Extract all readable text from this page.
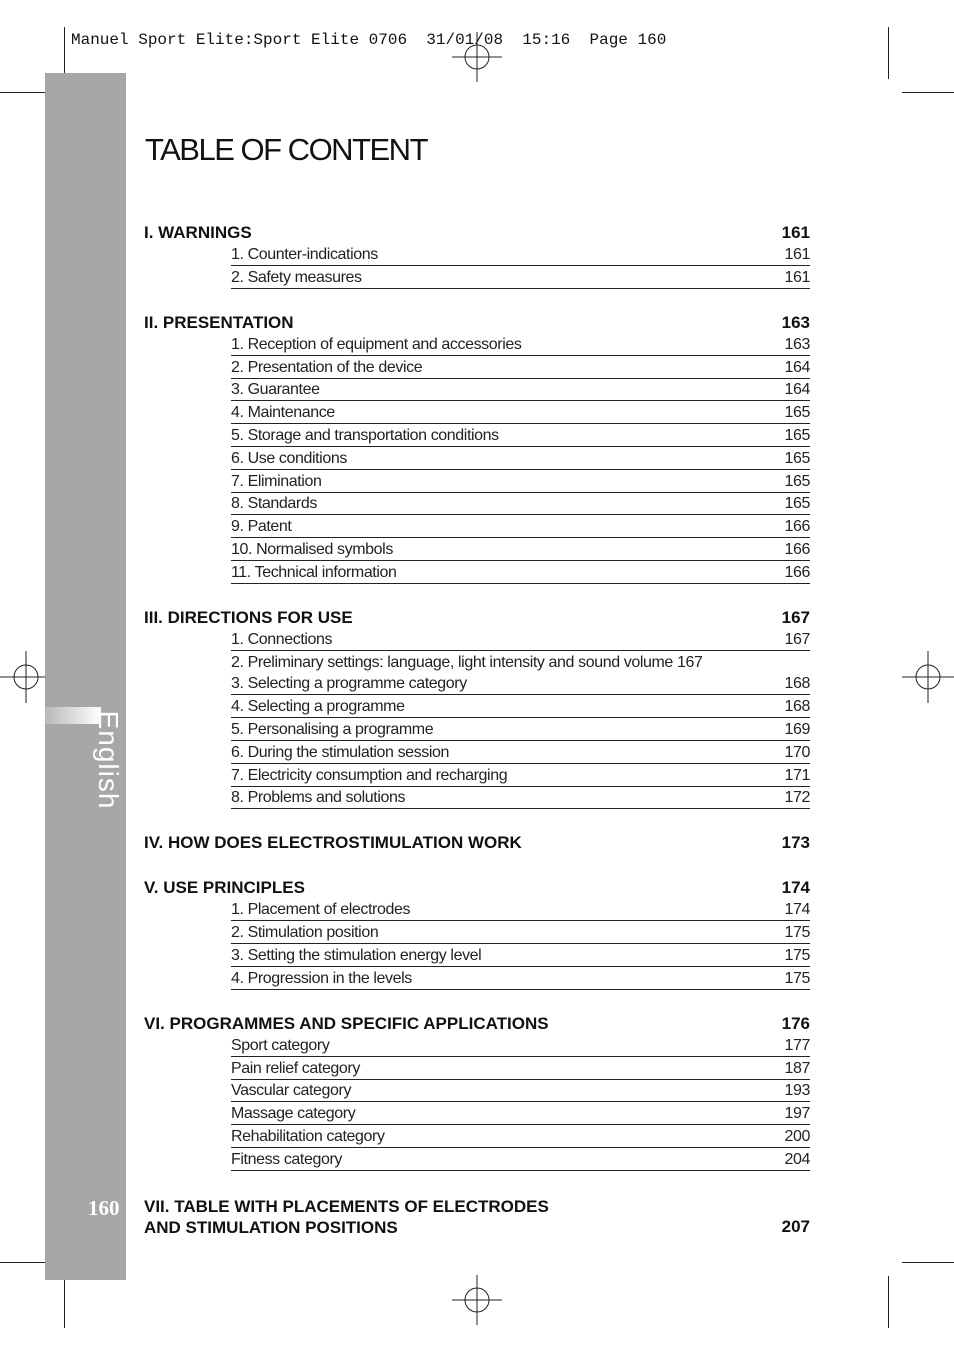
Manuel Sport Elite:Sport Elite 0706  31/01/08  15:16  Page 160
English
160
TABLE OF CONTENT
I. WARNINGS	161
1. Counter-indications	161
2. Safety measures	161
II. PRESENTATION	163
1. Reception of equipment and accessories	163
2. Presentation of the device	164
3. Guarantee	164
4. Maintenance	165
5. Storage and transportation conditions	165
6. Use conditions	165
7. Elimination	165
8. Standards	165
9. Patent	166
10. Normalised symbols	166
11. Technical information	166
III. DIRECTIONS FOR USE	167
1. Connections	167
2. Preliminary settings: language, light intensity and sound volume 167
3. Selecting a programme category	168
4. Selecting a programme	168
5. Personalising a programme	169
6. During the stimulation session	170
7. Electricity consumption and recharging	171
8. Problems and solutions	172
IV. HOW DOES ELECTROSTIMULATION WORK	173
V. USE PRINCIPLES	174
1. Placement of electrodes	174
2. Stimulation position	175
3. Setting the stimulation energy level	175
4. Progression in the levels	175
VI. PROGRAMMES AND SPECIFIC APPLICATIONS	176
Sport category	177
Pain relief category	187
Vascular category	193
Massage category	197
Rehabilitation category	200
Fitness category	204
VII. TABLE WITH PLACEMENTS OF ELECTRODES
AND STIMULATION POSITIONS	207
